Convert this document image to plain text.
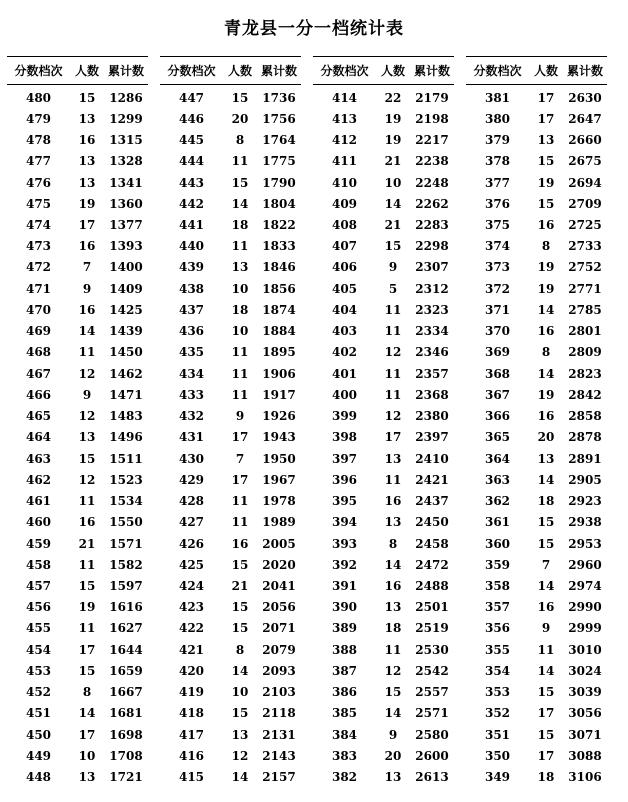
青龙县一分一档统计表
分数档次	人数 累计数
480	15	1286
479	13	1299
478	16	1315
477	13	1328
476	13	1341
475	19	1360
474	17	1377
473	16	1393
472	7	1400
471	9	1409
470	16	1425
469	14	1439
468	11	1450
467	12	1462
466	9	1471
465	12	1483
464	13	1496
463	15	1511
462	12	1523
461	11	1534
460	16	1550
459	21	1571
458	11	1582
457	15	1597
456	19	1616
455	11	1627
454	17	1644
453	15	1659
452	8	1667
451	14	1681
450	17	1698
449	10	1708
448	13	1721
分数档次	人数 累计数
447	15	1736
446	20	1756
445	8	1764
444	11	1775
443	15	1790
442	14	1804
441	18	1822
440	11	1833
439	13	1846
438	10	1856
437	18	1874
436	10	1884
435	11	1895
434	11	1906
433	11	1917
432	9	1926
431	17	1943
430	7	1950
429	17	1967
428	11	1978
427	11	1989
426	16	2005
425	15	2020
424	21	2041
423	15	2056
422	15	2071
421	8	2079
420	14	2093
419	10	2103
418	15	2118
417	13	2131
416	12	2143
415	14	2157
分数档次	人数 累计数
414	22	2179
413	19	2198
412	19	2217
411	21	2238
410	10	2248
409	14	2262
408	21	2283
407	15	2298
406	9	2307
405	5	2312
404	11	2323
403	11	2334
402	12	2346
401	11	2357
400	11	2368
399	12	2380
398	17	2397
397	13	2410
396	11	2421
395	16	2437
394	13	2450
393	8	2458
392	14	2472
391	16	2488
390	13	2501
389	18	2519
388	11	2530
387	12	2542
386	15	2557
385	14	2571
384	9	2580
383	20	2600
382	13	2613
分数档次	人数 累计数
381	17	2630
380	17	2647
379	13	2660
378	15	2675
377	19	2694
376	15	2709
375	16	2725
374	8	2733
373	19	2752
372	19	2771
371	14	2785
370	16	2801
369	8	2809
368	14	2823
367	19	2842
366	16	2858
365	20	2878
364	13	2891
363	14	2905
362	18	2923
361	15	2938
360	15	2953
359	7	2960
358	14	2974
357	16	2990
356	9	2999
355	11	3010
354	14	3024
353	15	3039
352	17	3056
351	15	3071
350	17	3088
349	18	3106
